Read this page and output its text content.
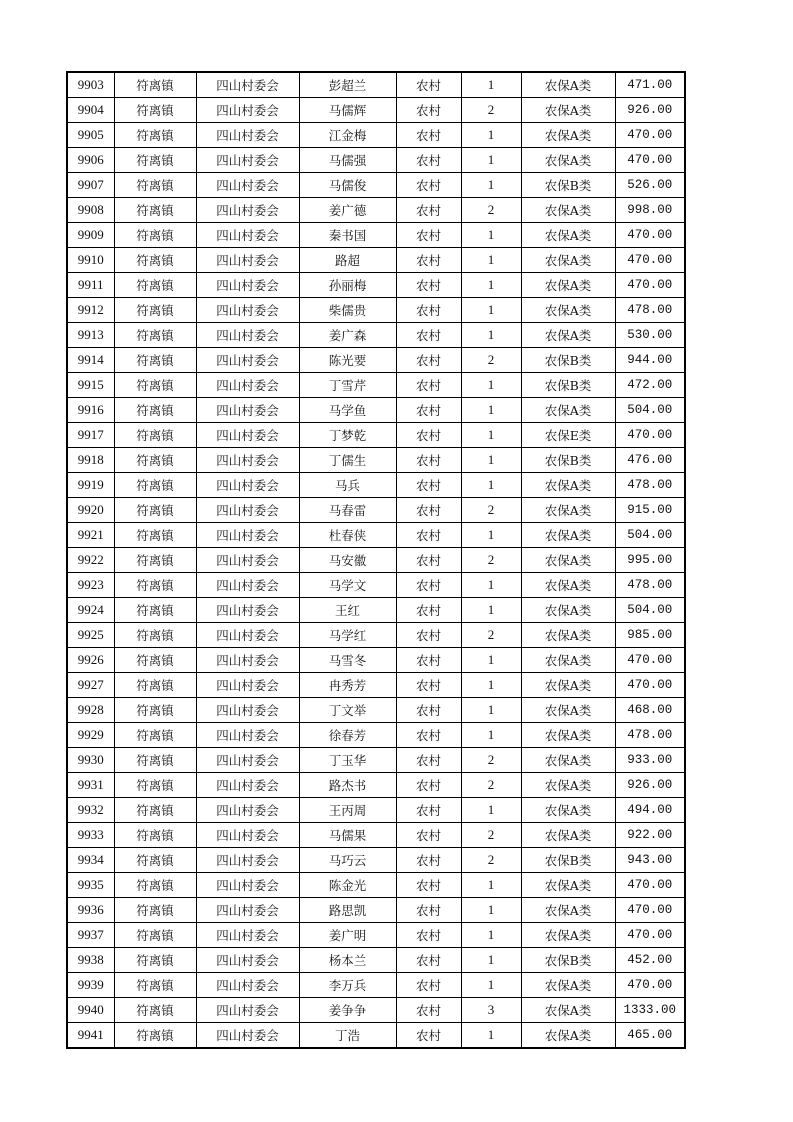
9903	符离镇	四山村委会	彭超兰	农村	1	农保A类	471.00
9904	符离镇	四山村委会	马儒辉	农村	2	农保A类	926.00
9905	符离镇	四山村委会	江金梅	农村	1	农保A类	470.00
9906	符离镇	四山村委会	马儒强	农村	1	农保A类	470.00
9907	符离镇	四山村委会	马儒俊	农村	1	农保B类	526.00
9908	符离镇	四山村委会	姜广德	农村	2	农保A类	998.00
9909	符离镇	四山村委会	秦书国	农村	1	农保A类	470.00
9910	符离镇	四山村委会	路超	农村	1	农保A类	470.00
9911	符离镇	四山村委会	孙丽梅	农村	1	农保A类	470.00
9912	符离镇	四山村委会	柴儒贵	农村	1	农保A类	478.00
9913	符离镇	四山村委会	姜广森	农村	1	农保A类	530.00
9914	符离镇	四山村委会	陈光要	农村	2	农保B类	944.00
9915	符离镇	四山村委会	丁雪芹	农村	1	农保B类	472.00
9916	符离镇	四山村委会	马学鱼	农村	1	农保A类	504.00
9917	符离镇	四山村委会	丁梦乾	农村	1	农保E类	470.00
9918	符离镇	四山村委会	丁儒生	农村	1	农保B类	476.00
9919	符离镇	四山村委会	马兵	农村	1	农保A类	478.00
9920	符离镇	四山村委会	马春雷	农村	2	农保A类	915.00
9921	符离镇	四山村委会	杜春侠	农村	1	农保A类	504.00
9922	符离镇	四山村委会	马安徽	农村	2	农保A类	995.00
9923	符离镇	四山村委会	马学文	农村	1	农保A类	478.00
9924	符离镇	四山村委会	王红	农村	1	农保A类	504.00
9925	符离镇	四山村委会	马学红	农村	2	农保A类	985.00
9926	符离镇	四山村委会	马雪冬	农村	1	农保A类	470.00
9927	符离镇	四山村委会	冉秀芳	农村	1	农保A类	470.00
9928	符离镇	四山村委会	丁文举	农村	1	农保A类	468.00
9929	符离镇	四山村委会	徐春芳	农村	1	农保A类	478.00
9930	符离镇	四山村委会	丁玉华	农村	2	农保A类	933.00
9931	符离镇	四山村委会	路杰书	农村	2	农保A类	926.00
9932	符离镇	四山村委会	王丙周	农村	1	农保A类	494.00
9933	符离镇	四山村委会	马儒果	农村	2	农保A类	922.00
9934	符离镇	四山村委会	马巧云	农村	2	农保B类	943.00
9935	符离镇	四山村委会	陈金光	农村	1	农保A类	470.00
9936	符离镇	四山村委会	路思凯	农村	1	农保A类	470.00
9937	符离镇	四山村委会	姜广明	农村	1	农保A类	470.00
9938	符离镇	四山村委会	杨本兰	农村	1	农保B类	452.00
9939	符离镇	四山村委会	李万兵	农村	1	农保A类	470.00
9940	符离镇	四山村委会	姜争争	农村	3	农保A类	1333.00
9941	符离镇	四山村委会	丁浩	农村	1	农保A类	465.00
